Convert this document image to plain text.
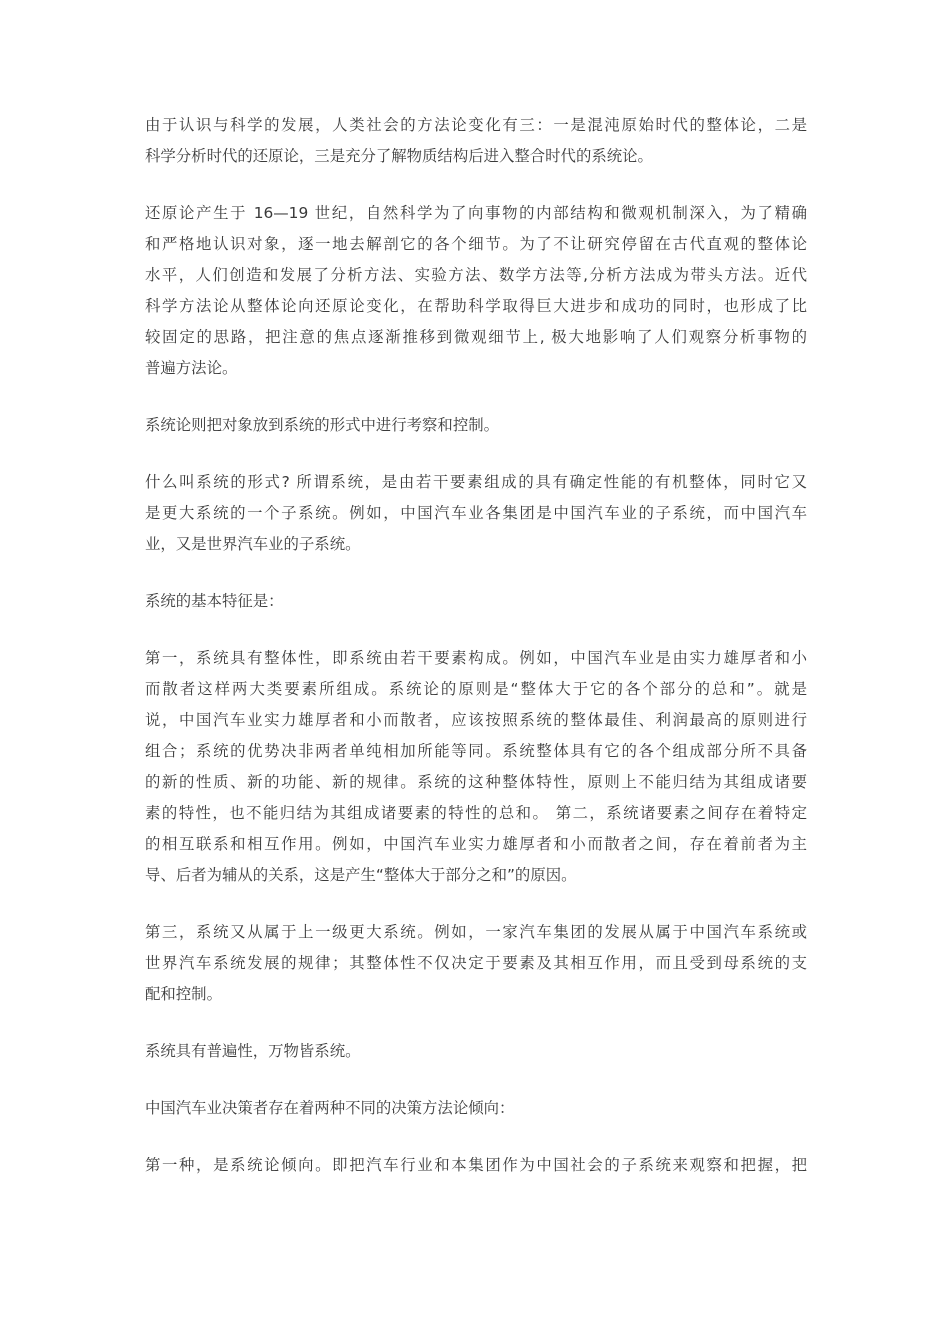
由于认识与科学的发展，人类社会的方法论变化有三：一是混沌原始时代的整体论，二是
科学分析时代的还原论，三是充分了解物质结构后进入整合时代的系统论。

还原论产生于 16—19 世纪，自然科学为了向事物的内部结构和微观机制深入，为了精确
和严格地认识对象，逐一地去解剖它的各个细节。为了不让研究停留在古代直观的整体论
水平，人们创造和发展了分析方法、实验方法、数学方法等,分析方法成为带头方法。近代
科学方法论从整体论向还原论变化，在帮助科学取得巨大进步和成功的同时，也形成了比
较固定的思路，把注意的焦点逐渐推移到微观细节上, 极大地影响了人们观察分析事物的
普遍方法论。

系统论则把对象放到系统的形式中进行考察和控制。

什么叫系统的形式? 所谓系统，是由若干要素组成的具有确定性能的有机整体，同时它又
是更大系统的一个子系统。例如，中国汽车业各集团是中国汽车业的子系统，而中国汽车
业，又是世界汽车业的子系统。

系统的基本特征是：

第一，系统具有整体性，即系统由若干要素构成。例如，中国汽车业是由实力雄厚者和小
而散者这样两大类要素所组成。系统论的原则是“整体大于它的各个部分的总和”。就是
说，中国汽车业实力雄厚者和小而散者，应该按照系统的整体最佳、利润最高的原则进行
组合；系统的优势决非两者单纯相加所能等同。系统整体具有它的各个组成部分所不具备
的新的性质、新的功能、新的规律。系统的这种整体特性，原则上不能归结为其组成诸要
素的特性，也不能归结为其组成诸要素的特性的总和。 第二，系统诸要素之间存在着特定
的相互联系和相互作用。例如，中国汽车业实力雄厚者和小而散者之间，存在着前者为主
导、后者为辅从的关系，这是产生“整体大于部分之和”的原因。

第三，系统又从属于上一级更大系统。例如，一家汽车集团的发展从属于中国汽车系统或
世界汽车系统发展的规律；其整体性不仅决定于要素及其相互作用，而且受到母系统的支
配和控制。

系统具有普遍性，万物皆系统。

中国汽车业决策者存在着两种不同的决策方法论倾向：

第一种，是系统论倾向。即把汽车行业和本集团作为中国社会的子系统来观察和把握，把
